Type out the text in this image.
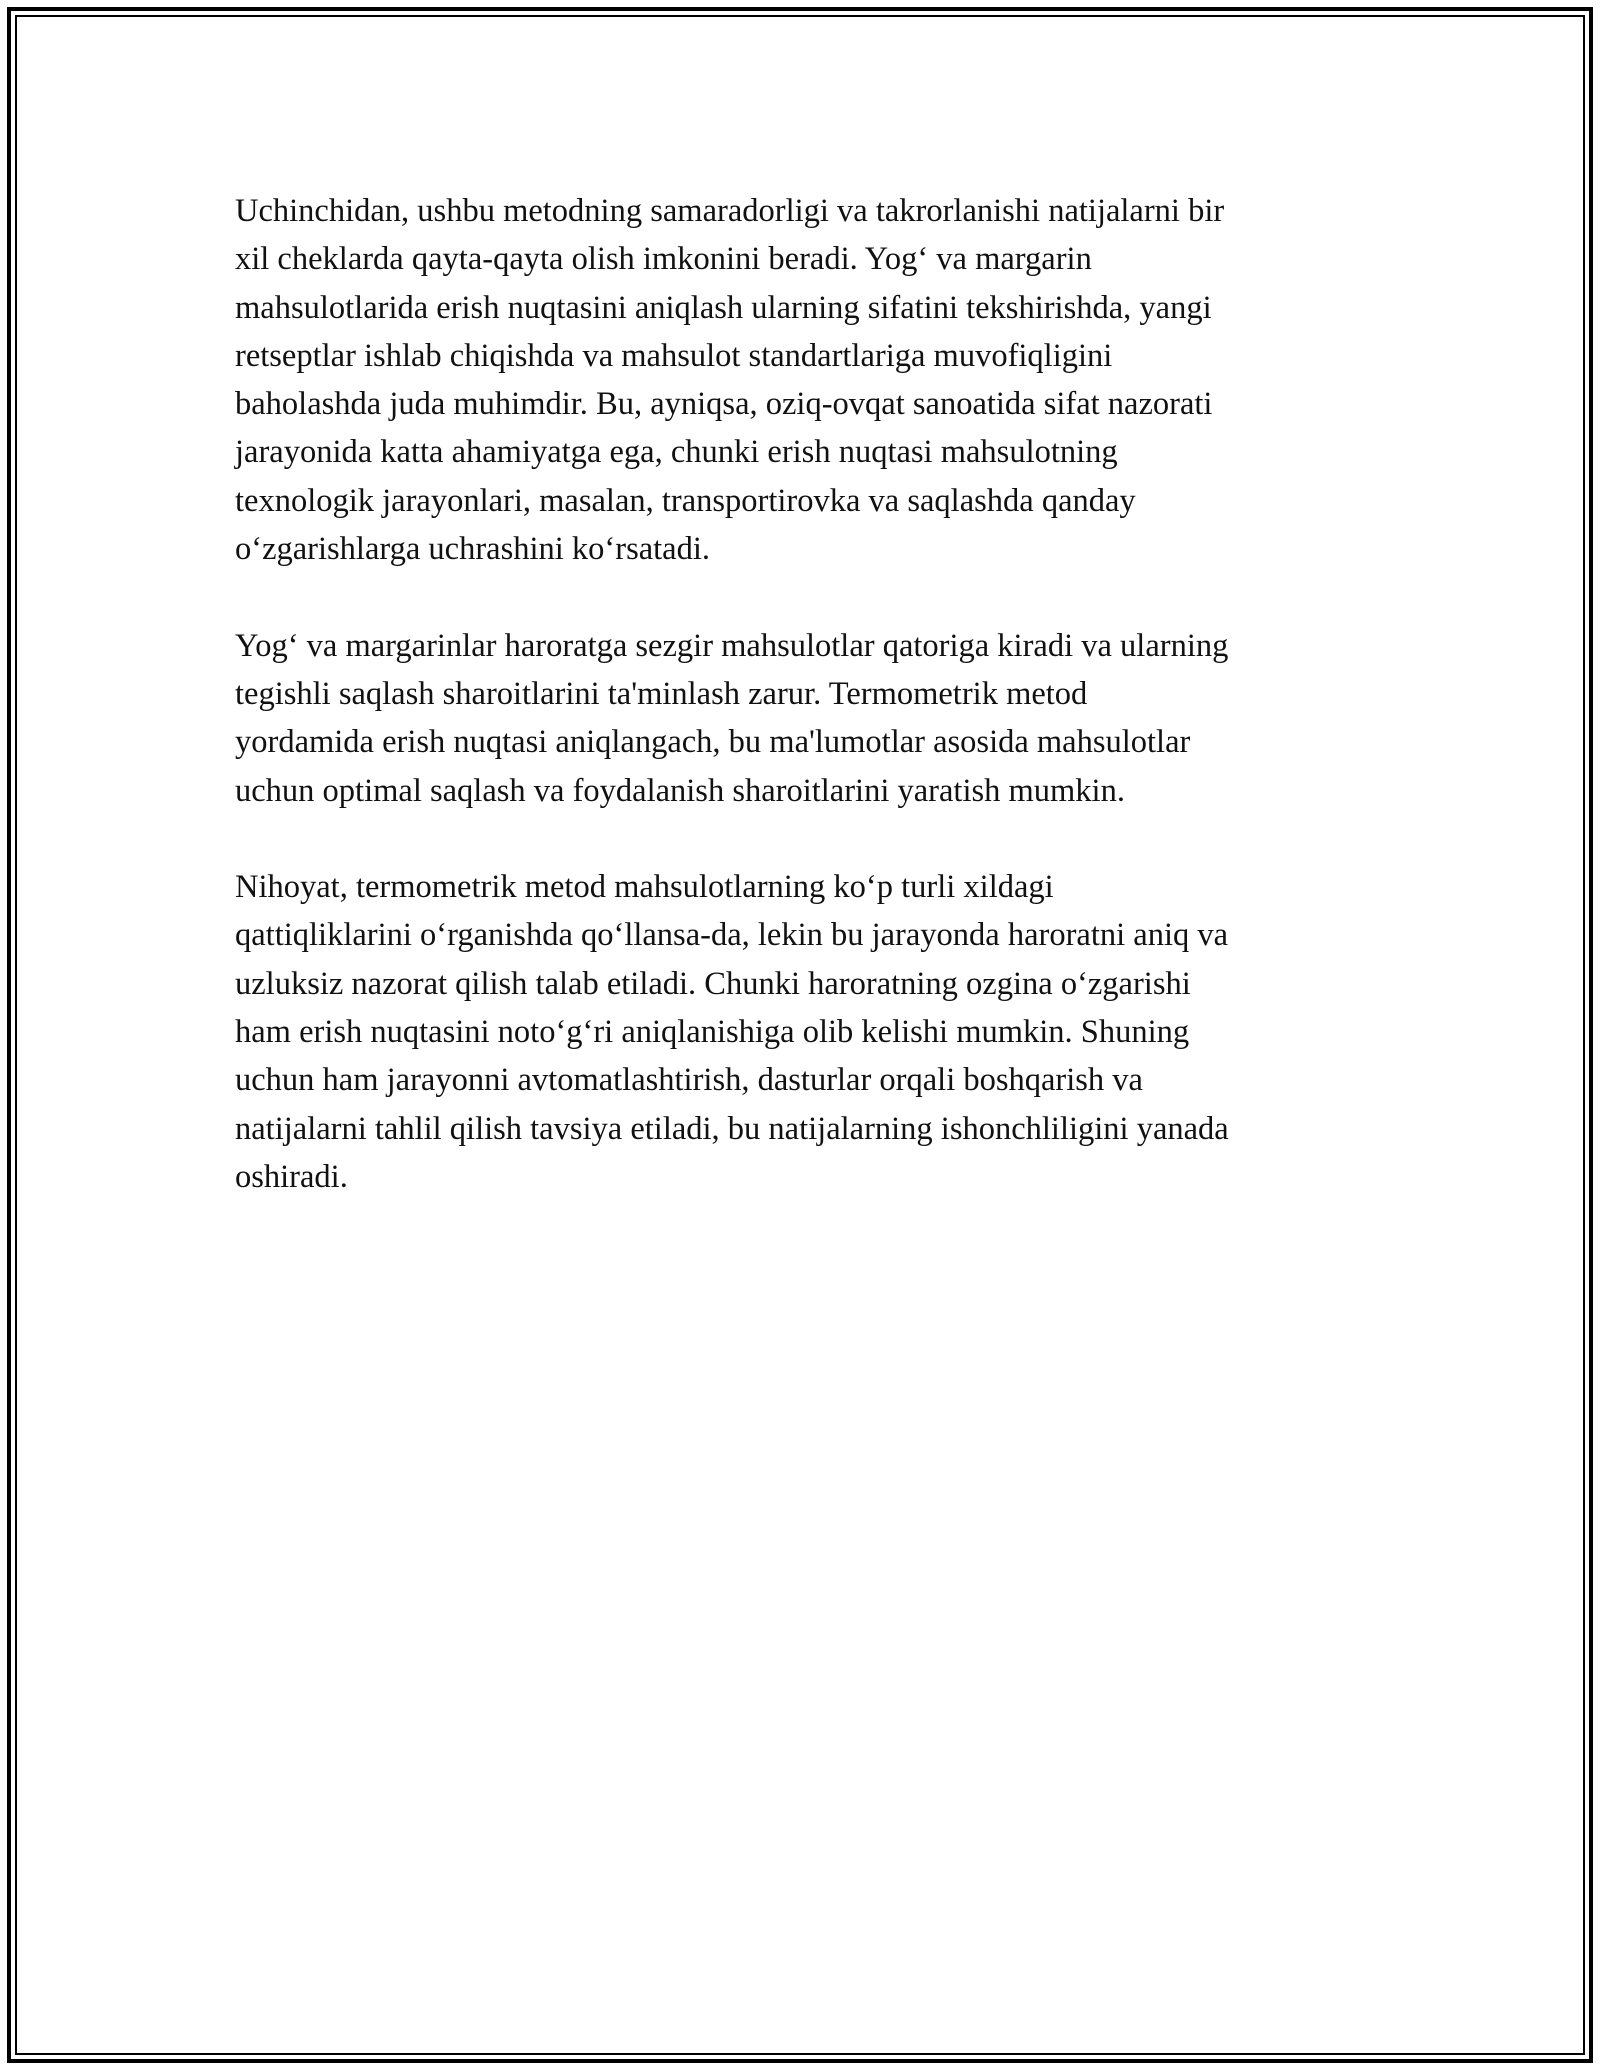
Uchinchidan, ushbu metodning samaradorligi va takrorlanishi natijalarni bir
xil cheklarda qayta-qayta olish imkonini beradi. Yog‘ va margarin
mahsulotlarida erish nuqtasini aniqlash ularning sifatini tekshirishda, yangi
retseptlar ishlab chiqishda va mahsulot standartlariga muvofiqligini
baholashda juda muhimdir. Bu, ayniqsa, oziq-ovqat sanoatida sifat nazorati
jarayonida katta ahamiyatga ega, chunki erish nuqtasi mahsulotning
texnologik jarayonlari, masalan, transportirovka va saqlashda qanday
o‘zgarishlarga uchrashini ko‘rsatadi.

Yog‘ va margarinlar haroratga sezgir mahsulotlar qatoriga kiradi va ularning
tegishli saqlash sharoitlarini ta'minlash zarur. Termometrik metod
yordamida erish nuqtasi aniqlangach, bu ma'lumotlar asosida mahsulotlar
uchun optimal saqlash va foydalanish sharoitlarini yaratish mumkin.

Nihoyat, termometrik metod mahsulotlarning ko‘p turli xildagi
qattiqliklarini o‘rganishda qo‘llansa-da, lekin bu jarayonda haroratni aniq va
uzluksiz nazorat qilish talab etiladi. Chunki haroratning ozgina o‘zgarishi
ham erish nuqtasini noto‘g‘ri aniqlanishiga olib kelishi mumkin. Shuning
uchun ham jarayonni avtomatlashtirish, dasturlar orqali boshqarish va
natijalarni tahlil qilish tavsiya etiladi, bu natijalarning ishonchliligini yanada
oshiradi.
